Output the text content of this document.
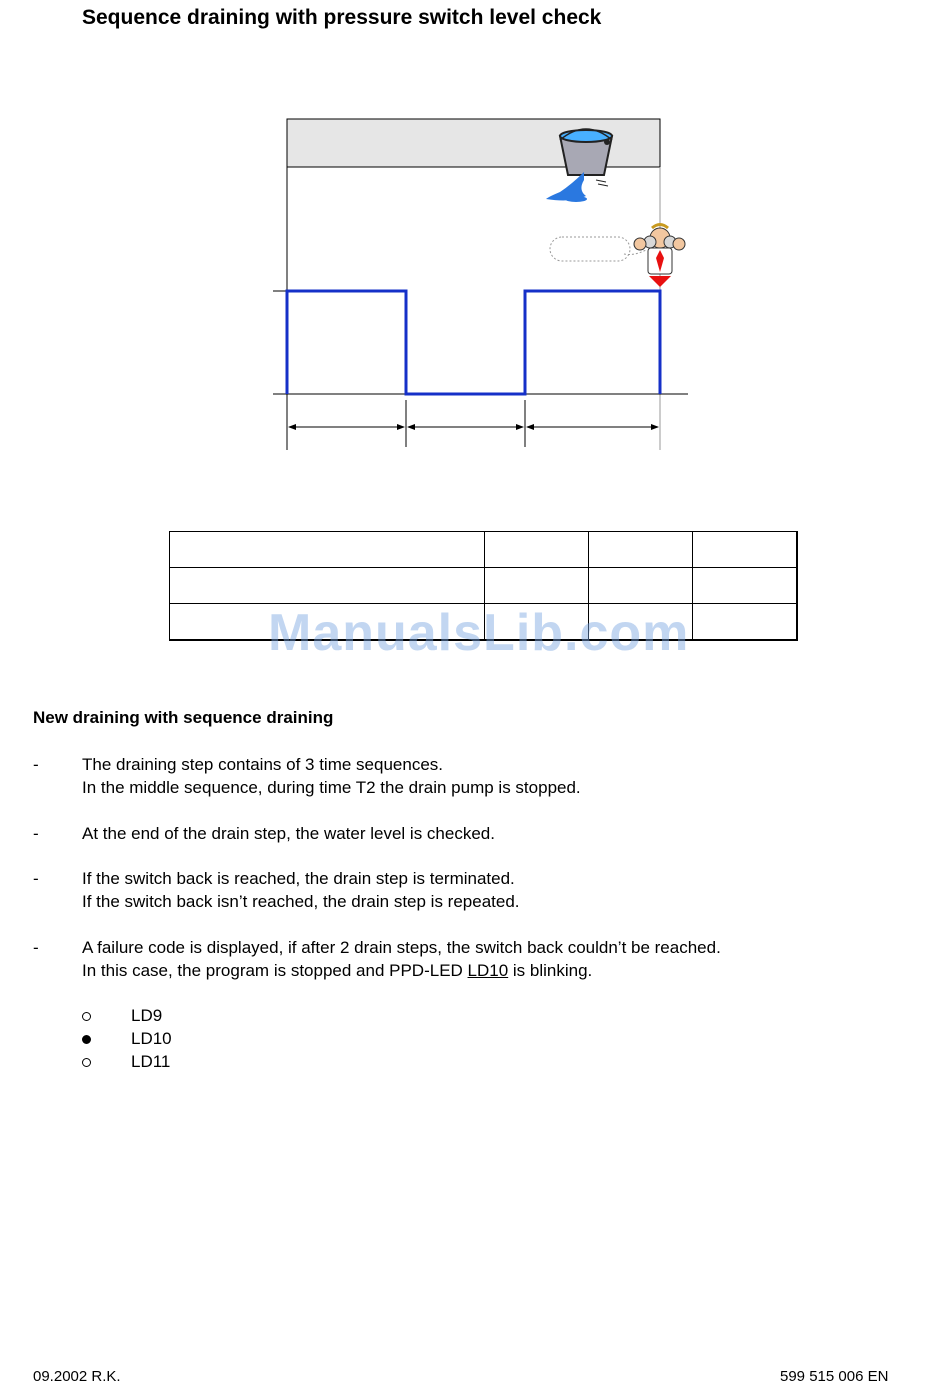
Sequence draining with pressure switch level check

ManualsLib.com
New draining with sequence draining
-	The draining step contains of 3 time sequences.
In the middle sequence, during time T2 the drain pump is stopped.
-	At the end of the drain step, the water level is checked.
-	If the switch back is reached, the drain step is terminated.
If the switch back isn’t reached, the drain step is repeated.
-	A failure code is displayed, if after 2 drain steps, the switch back couldn’t be reached.
In this case, the program is stopped and PPD-LED LD10 is blinking.
LD9
LD10
LD11
09.2002 R.K.	599 515 006 EN
